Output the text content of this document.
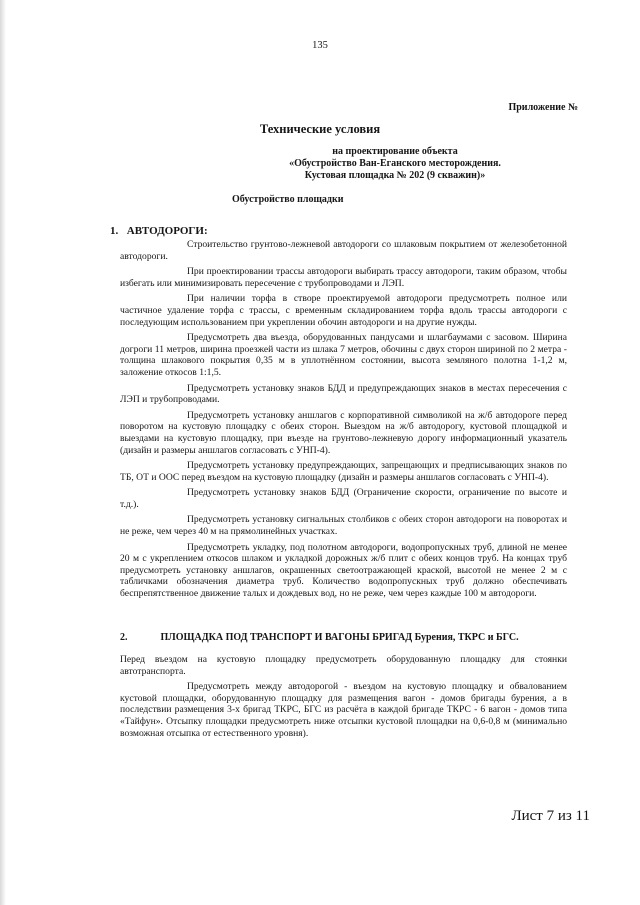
135
Приложение №
Технические условия
на проектирование объекта
«Обустройство Ван-Еганского месторождения.
Кустовая площадка № 202 (9 скважин)»
Обустройство площадки
1. АВТОДОРОГИ:

Строительство грунтово-лежневой автодороги со шлаковым покрытием от железобетонной автодороги.

При проектировании трассы автодороги выбирать трассу автодороги, таким образом, чтобы избегать или минимизировать пересечение с трубопроводами и ЛЭП.

При наличии торфа в створе проектируемой автодороги предусмотреть полное или частичное удаление торфа с трассы, с временным складированием торфа вдоль трассы автодороги с последующим использованием при укреплении обочин автодороги и на другие нужды.

Предусмотреть два въезда, оборудованных пандусами и шлагбаумами с засовом. Ширина догроги 11 метров, ширина проезжей части из шлака 7 метров, обочины с двух сторон шириной по 2 метра - толщина шлакового покрытия 0,35 м в уплотнённом состоянии, высота земляного полотна 1-1,2 м, заложение откосов 1:1,5.

Предусмотреть установку знаков БДД и предупреждающих знаков в местах пересечения с ЛЭП и трубопроводами.

Предусмотреть установку аншлагов с корпоративной символикой на ж/б автодороге перед поворотом на кустовую площадку с обеих сторон. Выездом на ж/б автодорогу, кустовой площадкой и выездами на кустовую площадку, при въезде на грунтово-лежневую дорогу информационный указатель (дизайн и размеры аншлагов согласовать с УНП-4).

Предусмотреть установку предупреждающих, запрещающих и предписывающих знаков по ТБ, ОТ и ООС перед въездом на кустовую площадку (дизайн и размеры аншлагов согласовать с УНП-4).

Предусмотреть установку знаков БДД (Ограничение скорости, ограничение по высоте и т.д.).

Предусмотреть установку сигнальных столбиков с обеих сторон автодороги на поворотах и не реже, чем через 40 м на прямолинейных участках.

Предусмотреть укладку, под полотном автодороги, водопропускных труб, длиной не менее 20 м с укреплением откосов шлаком и укладкой дорожных ж/б плит с обеих концов труб. На концах труб предусмотреть установку аншлагов, окрашенных светоотражающей краской, высотой не менее 2 м с табличками обозначения диаметра труб. Количество водопропускных труб должно обеспечивать беспрепятственное движение талых и дождевых вод, но не реже, чем через каждые 100 м автодороги.

2.	ПЛОЩАДКА ПОД ТРАНСПОРТ И ВАГОНЫ БРИГАД Бурения, ТКРС и БГС.

Перед въездом на кустовую площадку предусмотреть оборудованную площадку для стоянки автотранспорта.

Предусмотреть между автодорогой - въездом на кустовую площадку и обвалованием кустовой площадки, оборудованную площадку для размещения вагон - домов бригады бурения, а в последствии размещения 3-х бригад ТКРС, БГС из расчёта в каждой бригаде ТКРС - 6 вагон - домов типа «Тайфун». Отсыпку площадки предусмотреть ниже отсыпки кустовой площадки на 0,6-0,8 м (минимально возможная отсыпка от естественного уровня).

Лист 7 из 11
